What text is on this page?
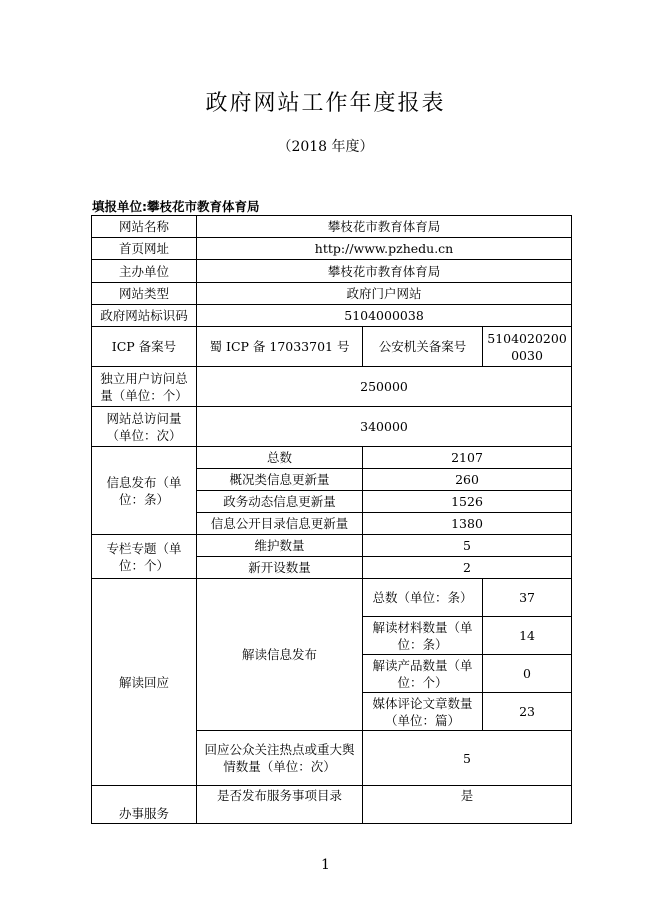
政府网站工作年度报表
（2018 年度）
填报单位:攀枝花市教育体育局
网站名称	攀枝花市教育体育局		
首页网址	http://www.pzhedu.cn		
主办单位	攀枝花市教育体育局		
网站类型	政府门户网站		
政府网站标识码	5104000038		
ICP 备案号	蜀 ICP 备 17033701 号	公安机关备案号	51040202000030
独立用户访问总量（单位：个）	250000		
网站总访问量（单位：次）	340000		
信息发布（单位：条）	总数	2107	
	概况类信息更新量	260	
	政务动态信息更新量	1526	
	信息公开目录信息更新量	1380	
专栏专题（单位：个）	维护数量	5	
	新开设数量	2	
解读回应	解读信息发布	总数（单位：条）	37
		解读材料数量（单位：条）	14
		解读产品数量（单位：个）	0
		媒体评论文章数量（单位：篇）	23
	回应公众关注热点或重大舆情数量（单位：次）	5	
办事服务	是否发布服务事项目录	是	
1
